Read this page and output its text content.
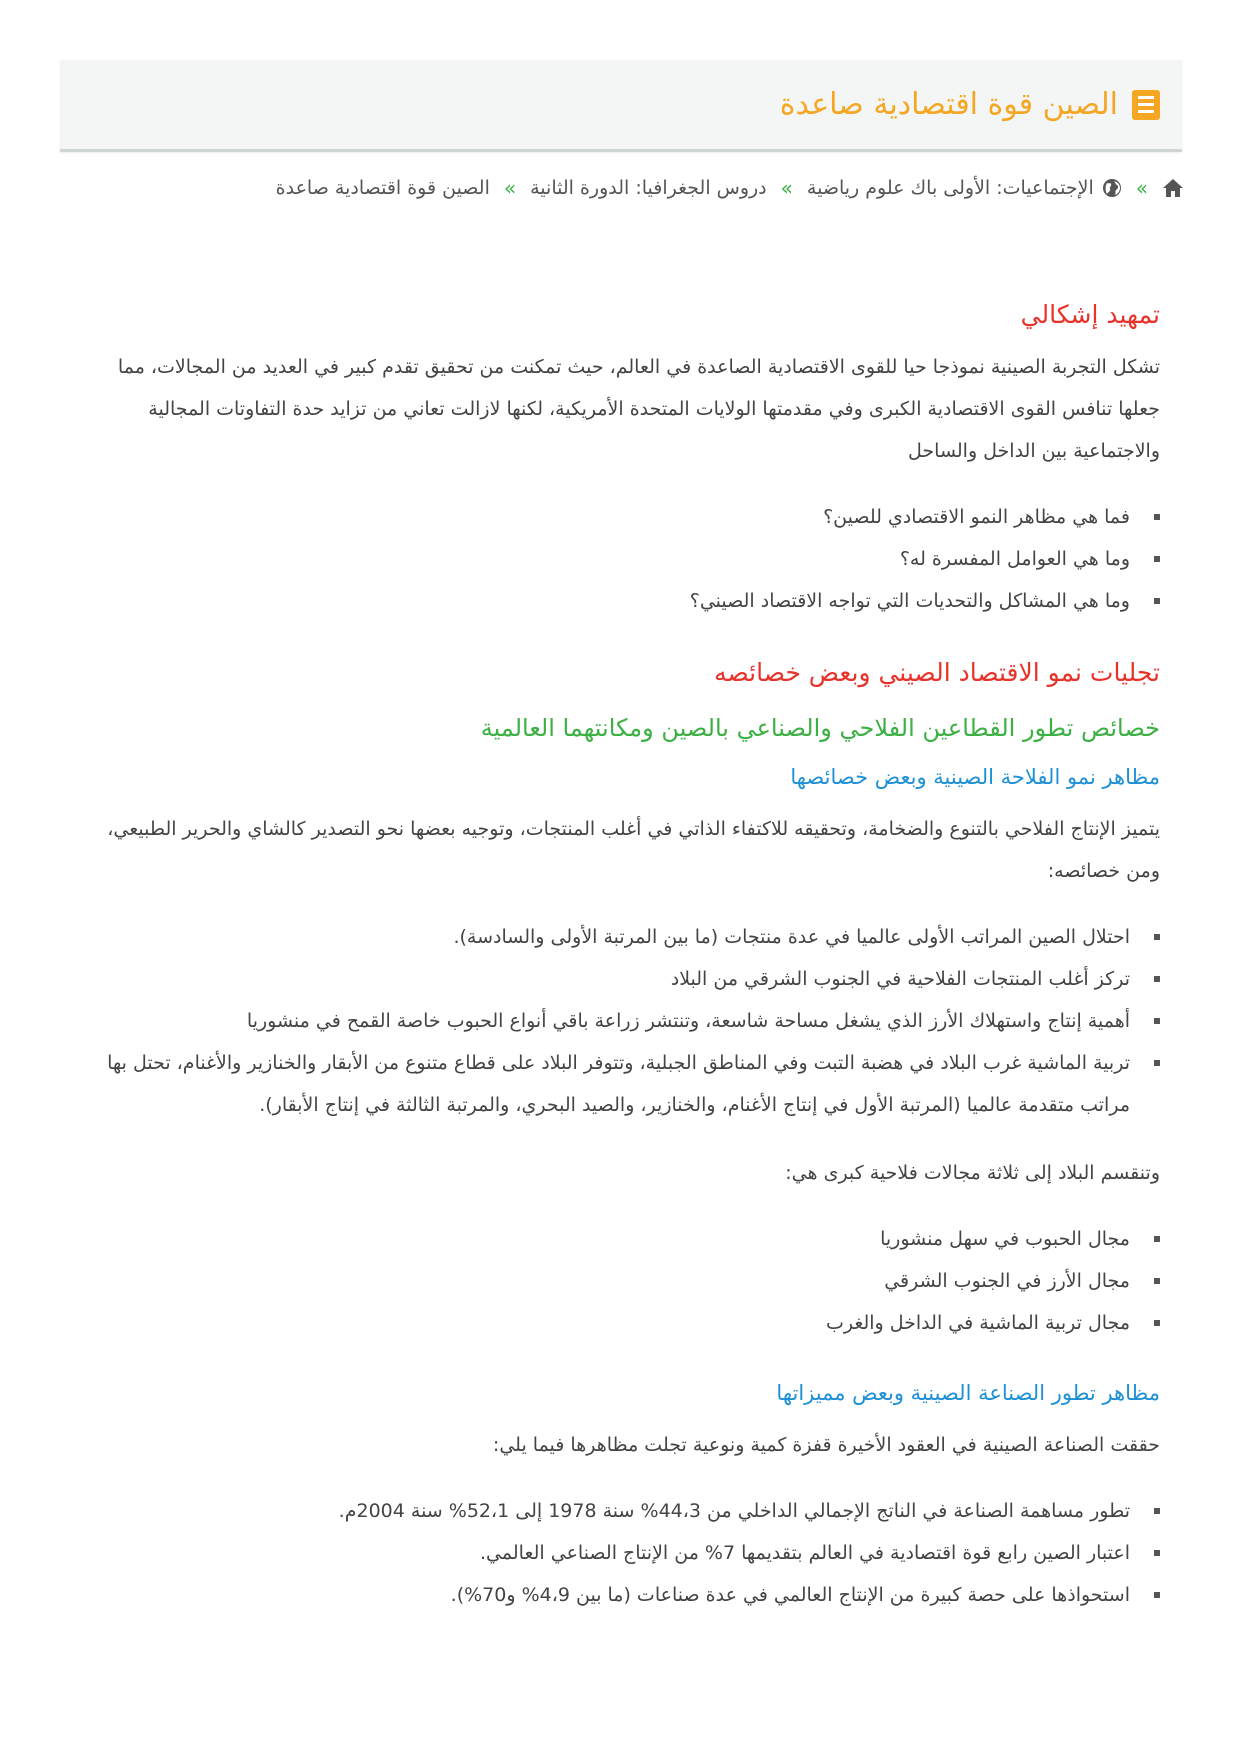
الصين قوة اقتصادية صاعدة
»
الإجتماعيات: الأولى باك علوم رياضية
»
دروس الجغرافيا: الدورة الثانية
»
الصين قوة اقتصادية صاعدة
تمهيد إشكالي

تشكل التجربة الصينية نموذجا حيا للقوى الاقتصادية الصاعدة في العالم، حيث تمكنت من تحقيق تقدم كبير في العديد من المجالات، مما جعلها تنافس القوى الاقتصادية الكبرى وفي مقدمتها الولايات المتحدة الأمريكية، لكنها لازالت تعاني من تزايد حدة التفاوتات المجالية والاجتماعية بين الداخل والساحل

فما هي مظاهر النمو الاقتصادي للصين؟
وما هي العوامل المفسرة له؟
وما هي المشاكل والتحديات التي تواجه الاقتصاد الصيني؟
تجليات نمو الاقتصاد الصيني وبعض خصائصه
خصائص تطور القطاعين الفلاحي والصناعي بالصين ومكانتهما العالمية
مظاهر نمو الفلاحة الصينية وبعض خصائصها

يتميز الإنتاج الفلاحي بالتنوع والضخامة، وتحقيقه للاكتفاء الذاتي في أغلب المنتجات، وتوجيه بعضها نحو التصدير كالشاي والحرير الطبيعي، ومن خصائصه:

احتلال الصين المراتب الأولى عالميا في عدة منتجات (ما بين المرتبة الأولى والسادسة).
تركز أغلب المنتجات الفلاحية في الجنوب الشرقي من البلاد
أهمية إنتاج واستهلاك الأرز الذي يشغل مساحة شاسعة، وتنتشر زراعة باقي أنواع الحبوب خاصة القمح في منشوريا
تربية الماشية غرب البلاد في هضبة التبت وفي المناطق الجبلية، وتتوفر البلاد على قطاع متنوع من الأبقار والخنازير والأغنام، تحتل بها مراتب متقدمة عالميا (المرتبة الأول في إنتاج الأغنام، والخنازير، والصيد البحري، والمرتبة الثالثة في إنتاج الأبقار).

وتنقسم البلاد إلى ثلاثة مجالات فلاحية كبرى هي:

مجال الحبوب في سهل منشوريا
مجال الأرز في الجنوب الشرقي
مجال تربية الماشية في الداخل والغرب
مظاهر تطور الصناعة الصينية وبعض مميزاتها

حققت الصناعة الصينية في العقود الأخيرة قفزة كمية ونوعية تجلت مظاهرها فيما يلي:

تطور مساهمة الصناعة في الناتج الإجمالي الداخلي من 44،3% سنة 1978 إلى 52،1% سنة 2004م.
اعتبار الصين رابع قوة اقتصادية في العالم بتقديمها 7% من الإنتاج الصناعي العالمي.
استحواذها على حصة كبيرة من الإنتاج العالمي في عدة صناعات (ما بين 4،9% و70%).
